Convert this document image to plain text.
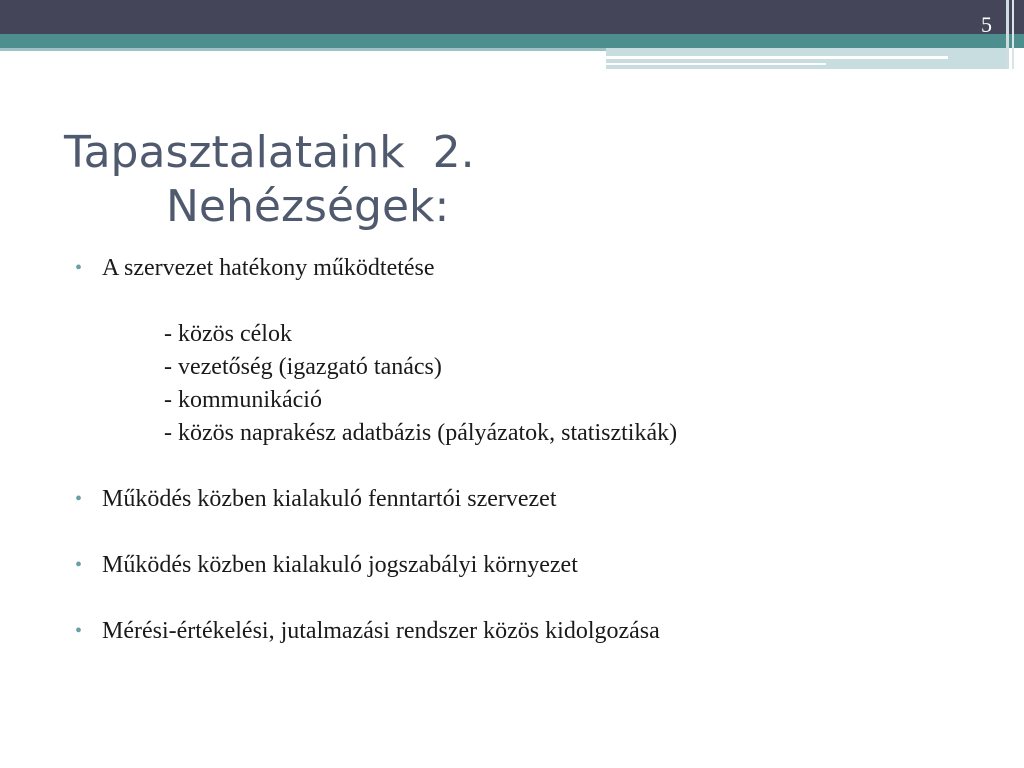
5
Tapasztalataink  2.
Nehézségek:
• A szervezet hatékony működtetése
- közös célok
- vezetőség (igazgató tanács)
- kommunikáció
- közös naprakész adatbázis (pályázatok, statisztikák)
• Működés közben kialakuló fenntartói szervezet
• Működés közben kialakuló jogszabályi környezet
• Mérési-értékelési, jutalmazási rendszer közös kidolgozása
